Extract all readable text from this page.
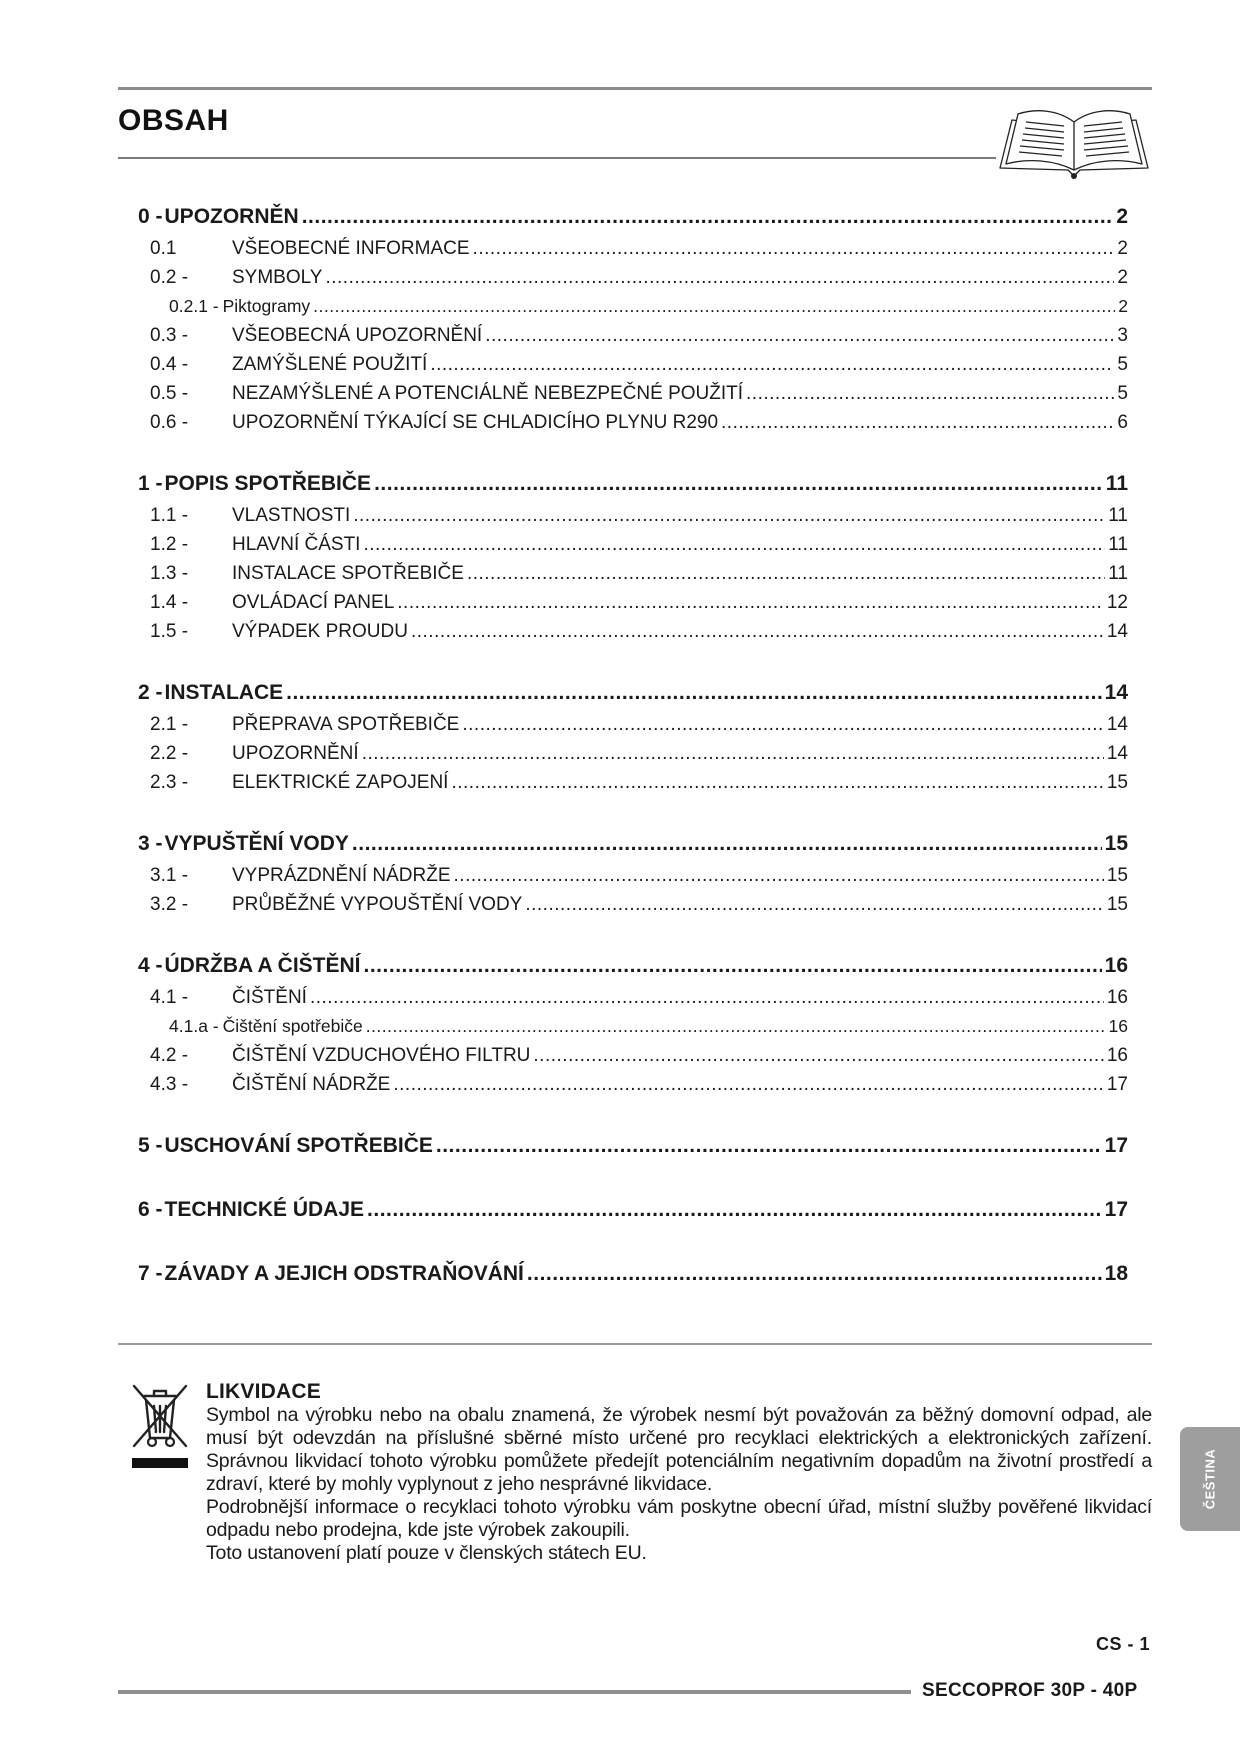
OBSAH
0 - UPOZORNĚN .....	2
0.1	VŠEOBECNÉ INFORMACE .....	2
0.2 -	SYMBOLY .....	2
0.2.1 - Piktogramy .....	2
0.3 -	VŠEOBECNÁ UPOZORNĚNÍ .....	3
0.4 -	ZAMÝŠLENÉ POUŽITÍ .....	5
0.5 -	NEZAMÝŠLENÉ A POTENCIÁLNĚ NEBEZPEČNÉ POUŽITÍ .....	5
0.6 -	UPOZORNĚNÍ TÝKAJÍCÍ SE CHLADICÍHO PLYNU R290 .....	6
1 - POPIS SPOTŘEBIČE .....	11
1.1 -	VLASTNOSTI .....	11
1.2 -	HLAVNÍ ČÁSTI .....	11
1.3 -	INSTALACE SPOTŘEBIČE .....	11
1.4 -	OVLÁDACÍ PANEL .....	12
1.5 -	VÝPADEK PROUDU .....	14
2 - INSTALACE .....	14
2.1 -	PŘEPRAVA SPOTŘEBIČE .....	14
2.2 -	UPOZORNĚNÍ .....	14
2.3 -	ELEKTRICKÉ ZAPOJENÍ .....	15
3 - VYPUŠTĚNÍ VODY .....	15
3.1 -	VYPRÁZDNĚNÍ NÁDRŽE .....	15
3.2 -	PRŮBĚŽNÉ VYPOUŠTĚNÍ VODY .....	15
4 - ÚDRŽBA A ČIŠTĚNÍ .....	16
4.1 -	ČIŠTĚNÍ .....	16
4.1.a - Čištění spotřebiče .....	16
4.2 -	ČIŠTĚNÍ VZDUCHOVÉHO FILTRU .....	16
4.3 -	ČIŠTĚNÍ NÁDRŽE .....	17
5 - USCHOVÁNÍ SPOTŘEBIČE .....	17
6 - TECHNICKÉ ÚDAJE .....	17
7 - ZÁVADY A JEJICH ODSTRAŇOVÁNÍ .....	18
LIKVIDACE

Symbol na výrobku nebo na obalu znamená, že výrobek nesmí být považován za běžný domovní odpad, ale musí být odevzdán na příslušné sběrné místo určené pro recyklaci elektrických a elektronických zařízení. Správnou likvidací tohoto výrobku pomůžete předejít potenciálním negativním dopadům na životní prostředí a zdraví, které by mohly vyplynout z jeho nesprávné likvidace.

Podrobnější informace o recyklaci tohoto výrobku vám poskytne obecní úřad, místní služby pověřené likvidací odpadu nebo prodejna, kde jste výrobek zakoupili.

Toto ustanovení platí pouze v členských státech EU.

ČEŠTINA
CS - 1
SECCOPROF 30P - 40P
